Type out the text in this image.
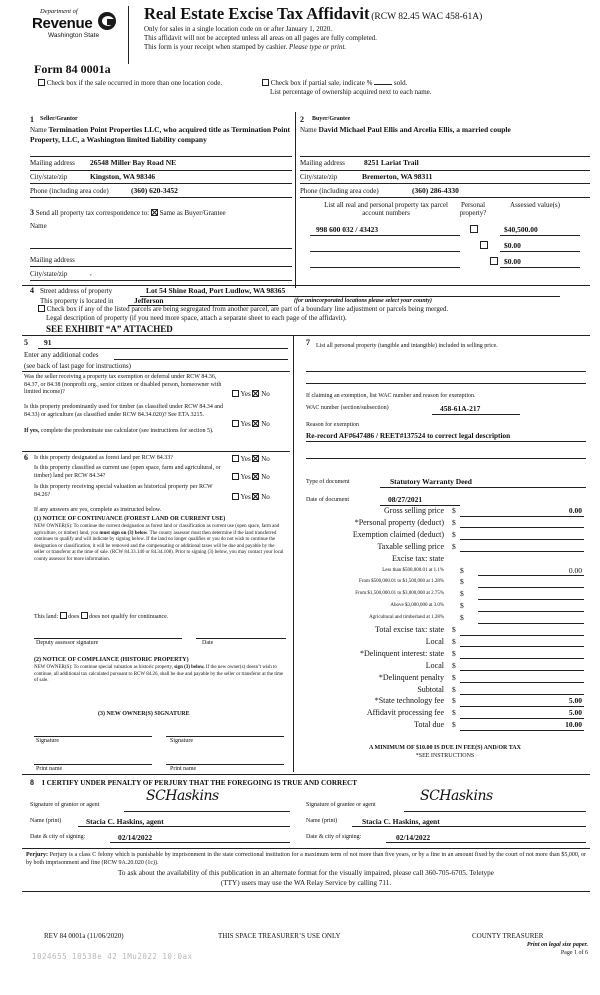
Department of
Revenue
Washington State
Form 84 0001a
Real Estate Excise Tax Affidavit (RCW 82.45 WAC 458-61A)
Only for sales in a single location code on or after January 1, 2020.
This affidavit will not be accepted unless all areas on all pages are fully completed.
This form is your receipt when stamped by cashier. Please type or print.
Check box if the sale occurred in more than one location code.	Check box if partial sale, indicate %	sold.
List percentage of ownership acquired next to each name.
1 Seller/Grantor
Name Termination Point Properties LLC, who acquired title as Termination Point Property, LLC, a Washington limited liability company
Mailing address 26548 Miller Bay Road NE
City/state/zip	Kingston, WA 98346
Phone (including area code)	(360) 620-3452
2 Buyer/Grantee
Name David Michael Paul Ellis and Arcelia Ellis, a married couple
Mailing address	8251 Lariat Trail
City/state/zip	Bremerton, WA 98311
Phone (including area code)	(360) 286-4330
3 Send all property tax correspondence to: Same as Buyer/Grantee
Name
Mailing address
City/state/zip	,
List all real and personal property tax parcel account numbers
Personal property?
Assessed value(s)
998 600 032 / 43423
	$40,500.00

$0.00
$0.00
4 Street address of property	Lot 54 Shine Road, Port Ludlow, WA 98365
This property is located in	Jefferson	(for unincorporated locations please select your county)
Check box if any of the listed parcels are being segregated from another parcel, are part of a boundary line adjustment or parcels being merged.
Legal description of property (if you need more space, attach a separate sheet to each page of the affidavit).
SEE EXHIBIT “A” ATTACHED
5 91
Enter any additional codes
(see back of last page for instructions)
Was the seller receiving a property tax exemption or deferral under RCW 84.36, 84.37, or 84.38 (nonprofit org., senior citizen or disabled person, homeowner with limited income)?	Yes No
Is this property predominantly used for timber (as classified under RCW 84.34 and 84.33) or agriculture (as classified under RCW 84.34.020)? See ETA 3215.
Yes No
If yes, complete the predominate use calculator (see instructions for section 5).
6 Is this property designated as forest land per RCW 84.33?	Yes No
Is this property classified as current use (open space, farm and agricultural, or timber) land per RCW 84.34?	Yes No
Is this property receiving special valuation as historical property per RCW 84.26?	Yes No
If any answers are yes, complete as instructed below.
(1) NOTICE OF CONTINUANCE (FOREST LAND OR CURRENT USE)
NEW OWNER(S): To continue the current designation as forest land or classification as current use (open space, farm and agriculture, or timber) land, you must sign on (3) below. The county assessor must then determine if the land transferred continues to qualify and will indicate by signing below. If the land no longer qualifies or you do not wish to continue the designation or classification, it will be removed and the compensating or additional taxes will be due and payable by the seller or transferor at the time of sale. (RCW 84.33.140 or 84.34.108). Prior to signing (3) below, you may contact your local county assessor for more information.
This land: does does not qualify for continuance.
Deputy assessor signature	Date
(2) NOTICE OF COMPLIANCE (HISTORIC PROPERTY)
NEW OWNER(S): To continue special valuation as historic property, sign (3) below. If the new owner(s) doesn’t wish to continue, all additional tax calculated pursuant to RCW 84.26, shall be due and payable by the seller or transferor at the time of sale.
(3) NEW OWNER(S) SIGNATURE
Signature	Signature
Print name	Print name
7 List all personal property (tangible and intangible) included in selling price.
If claiming an exemption, list WAC number and reason for exemption.
WAC number (section/subsection)	458-61A-217
Reason for exemption
Re-record AF#647486 / REET#137524 to correct legal description
Type of document	Statutory Warranty Deed
Date of document	08/27/2021
Gross selling price $	0.00
*Personal property (deduct) $
Exemption claimed (deduct) $
Taxable selling price $
Excise tax: state
Less than $500,000.01 at 1.1% $	0.00
From $500,000.01 to $1,500,000 at 1.28% $
From $1,500,000.01 to $3,000,000 at 2.75% $
Above $3,000,000 at 3.0% $
Agricultural and timberland at 1.28% $
Total excise tax: state $
Local $
*Delinquent interest: state $
Local $
*Delinquent penalty $
Subtotal $
*State technology fee $	5.00
Affidavit processing fee $	5.00
Total due $	10.00
A MINIMUM OF $10.00 IS DUE IN FEE(S) AND/OR TAX
*SEE INSTRUCTIONS
8 I CERTIFY UNDER PENALTY OF PERJURY THAT THE FOREGOING IS TRUE AND CORRECT
Signature of grantor or agent
SCHaskins
Name (print)	Stacia C. Haskins, agent
Date & city of signing:	02/14/2022
Signature of grantee or agent
SCHaskins
Name (print)	Stacia C. Haskins, agent
Date & city of signing:	02/14/2022
Perjury: Perjury is a class C felony which is punishable by imprisonment in the state correctional institution for a maximum term of not more than five years, or by a fine in an amount fixed by the court of not more than $5,000, or by both imprisonment and fine (RCW 9A.20.020 (1c)).
To ask about the availability of this publication in an alternate format for the visually impaired, please call 360-705-6705. Teletype
(TTY) users may use the WA Relay Service by calling 711.
REV 84 0001a (11/06/2020)	THIS SPACE TREASURER’S USE ONLY	COUNTY TREASURER
Print on legal size paper.
Page 1 of 6
1024655 10538e 42 1Mu2022 10:0ax
